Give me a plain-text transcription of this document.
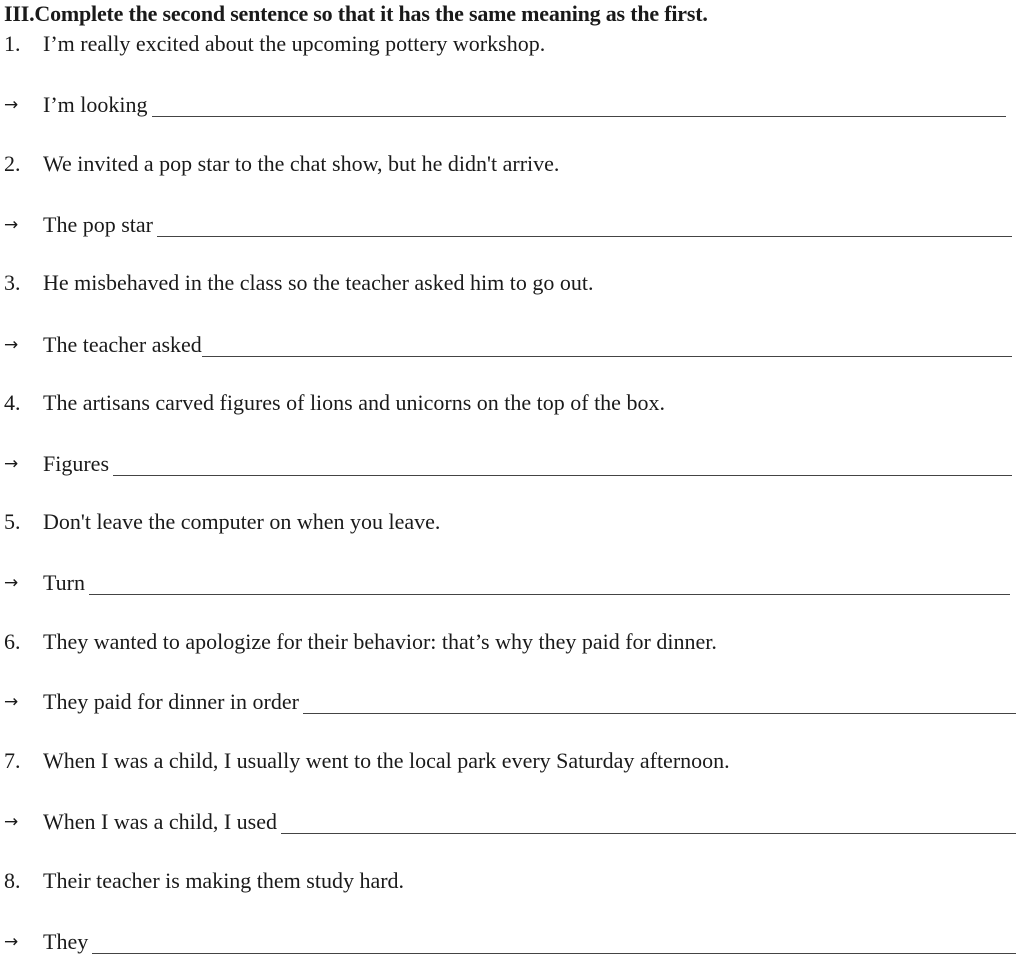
III.Complete the second sentence so that it has the same meaning as the first.
1.	I’m really excited about the upcoming pottery workshop.
→	I’m looking
2.	We invited a pop star to the chat show, but he didn't arrive.
→	The pop star
3.	He misbehaved in the class so the teacher asked him to go out.
→	The teacher asked
4.	The artisans carved figures of lions and unicorns on the top of the box.
→	Figures
5.	Don't leave the computer on when you leave.
→	Turn
6.	They wanted to apologize for their behavior: that’s why they paid for dinner.
→	They paid for dinner in order
7.	When I was a child, I usually went to the local park every Saturday afternoon.
→	When I was a child, I used
8.	Their teacher is making them study hard.
→	They
